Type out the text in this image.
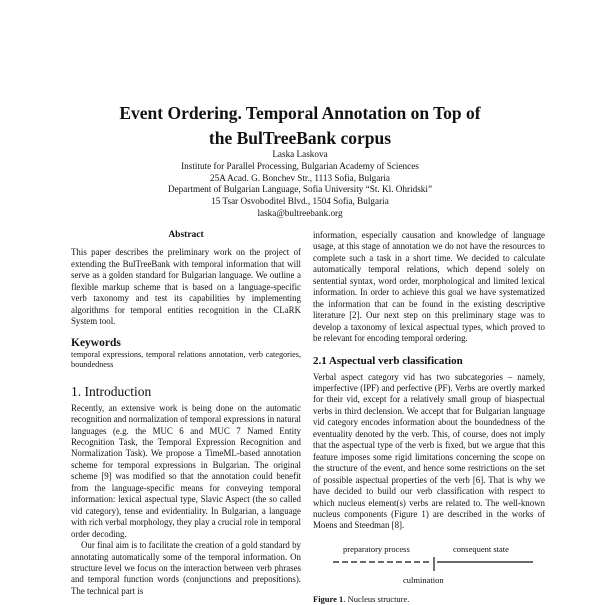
Event Ordering. Temporal Annotation on Top of
the BulTreeBank corpus
Laska Laskova
Institute for Parallel Processing, Bulgarian Academy of Sciences
25A Acad. G. Bonchev Str., 1113 Sofia, Bulgaria
Department of Bulgarian Language, Sofia University “St. Kl. Ohridski”
15 Tsar Osvoboditel Blvd., 1504 Sofia, Bulgaria
laska@bultreebank.org
Abstract

This paper describes the preliminary work on the project of extending the BulTreeBank with temporal information that will serve as a golden standard for Bulgarian language. We outline a flexible markup scheme that is based on a language-specific verb taxonomy and test its capabilities by implementing algorithms for temporal entities recognition in the CLaRK System tool.

Keywords

temporal expressions, temporal relations annotation, verb categories, boundedness

1. Introduction

Recently, an extensive work is being done on the automatic recognition and normalization of temporal expressions in natural languages (e.g. the MUC 6 and MUC 7 Named Entity Recognition Task, the Temporal Expression Recognition and Normalization Task). We propose a TimeML-based annotation scheme for temporal expressions in Bulgarian. The original scheme [9] was modified so that the annotation could benefit from the language-specific means for conveying temporal information: lexical aspectual type, Slavic Aspect (the so called vid category), tense and evidentiality. In Bulgarian, a language with rich verbal morphology, they play a crucial role in temporal order decoding.

Our final aim is to facilitate the creation of a gold standard by annotating automatically some of the temporal information. On structure level we focus on the interaction between verb phrases and temporal function words (conjunctions and prepositions). The technical part is

information, especially causation and knowledge of language usage, at this stage of annotation we do not have the resources to complete such a task in a short time. We decided to calculate automatically temporal relations, which depend solely on sentential syntax, word order, morphological and limited lexical information. In order to achieve this goal we have systematized the information that can be found in the existing descriptive literature [2]. Our next step on this preliminary stage was to develop a taxonomy of lexical aspectual types, which proved to be relevant for encoding temporal ordering.

2.1 Aspectual verb classification

Verbal aspect category vid has two subcategories – namely, imperfective (IPF) and perfective (PF). Verbs are overtly marked for their vid, except for a relatively small group of biaspectual verbs in third declension. We accept that for Bulgarian language vid category encodes information about the boundedness of the eventuality denoted by the verb. This, of course, does not imply that the aspectual type of the verb is fixed, but we argue that this feature imposes some rigid limitations concerning the scope on the structure of the event, and hence some restrictions on the set of possible aspectual properties of the verb [6]. That is why we have decided to build our verb classification with respect to which nucleus element(s) verbs are related to. The well-known nucleus components (Figure 1) are described in the works of Moens and Steedman [8].

preparatory process	consequent state
culmination
Figure 1. Nucleus structure.
